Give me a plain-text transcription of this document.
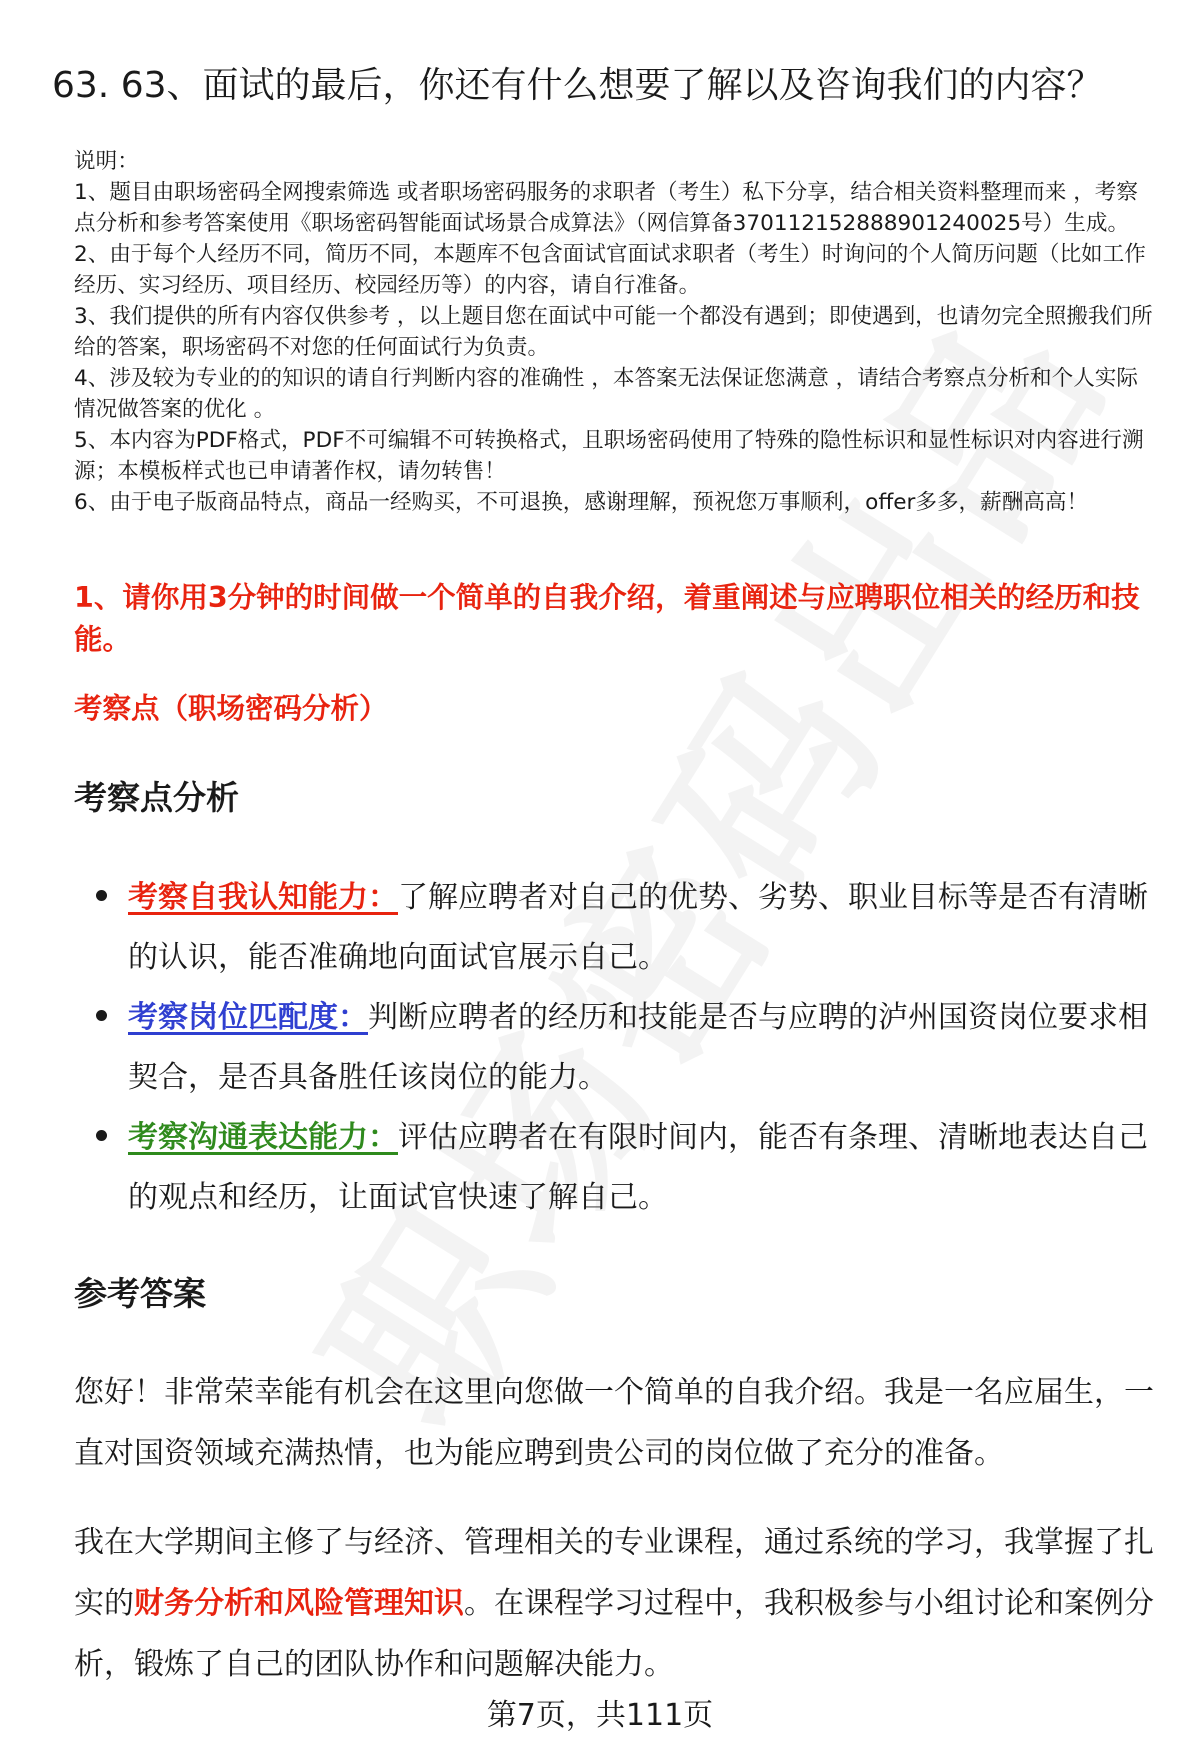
63. 63、面试的最后，你还有什么想要了解以及咨询我们的内容？

说明：

1、题目由职场密码全网搜索筛选 或者职场密码服务的求职者（考生）私下分享，结合相关资料整理而来 ，考察点分析和参考答案使用《职场密码智能面试场景合成算法》（网信算备370112152888901240025号）生成。

2、由于每个人经历不同，简历不同，本题库不包含面试官面试求职者（考生）时询问的个人简历问题（比如工作经历、实习经历、项目经历、校园经历等）的内容，请自行准备。

3、我们提供的所有内容仅供参考 ，以上题目您在面试中可能一个都没有遇到；即使遇到，也请勿完全照搬我们所给的答案，职场密码不对您的任何面试行为负责。

4、涉及较为专业的的知识的请自行判断内容的准确性 ，本答案无法保证您满意 ，请结合考察点分析和个人实际情况做答案的优化 。

5、本内容为PDF格式，PDF不可编辑不可转换格式，且职场密码使用了特殊的隐性标识和显性标识对内容进行溯源；本模板样式也已申请著作权，请勿转售！

6、由于电子版商品特点，商品一经购买，不可退换，感谢理解，预祝您万事顺利，offer多多，薪酬高高！

1、请你用3分钟的时间做一个简单的自我介绍，着重阐述与应聘职位相关的经历和技能。
考察点（职场密码分析）
考察点分析
考察自我认知能力：了解应聘者对自己的优势、劣势、职业目标等是否有清晰的认识，能否准确地向面试官展示自己。
考察岗位匹配度：判断应聘者的经历和技能是否与应聘的泸州国资岗位要求相契合，是否具备胜任该岗位的能力。
考察沟通表达能力：评估应聘者在有限时间内，能否有条理、清晰地表达自己的观点和经历，让面试官快速了解自己。
参考答案

您好！非常荣幸能有机会在这里向您做一个简单的自我介绍。我是一名应届生，一直对国资领域充满热情，也为能应聘到贵公司的岗位做了充分的准备。

我在大学期间主修了与经济、管理相关的专业课程，通过系统的学习，我掌握了扎实的财务分析和风险管理知识。在课程学习过程中，我积极参与小组讨论和案例分析，锻炼了自己的团队协作和问题解决能力。

第7页，共111页
